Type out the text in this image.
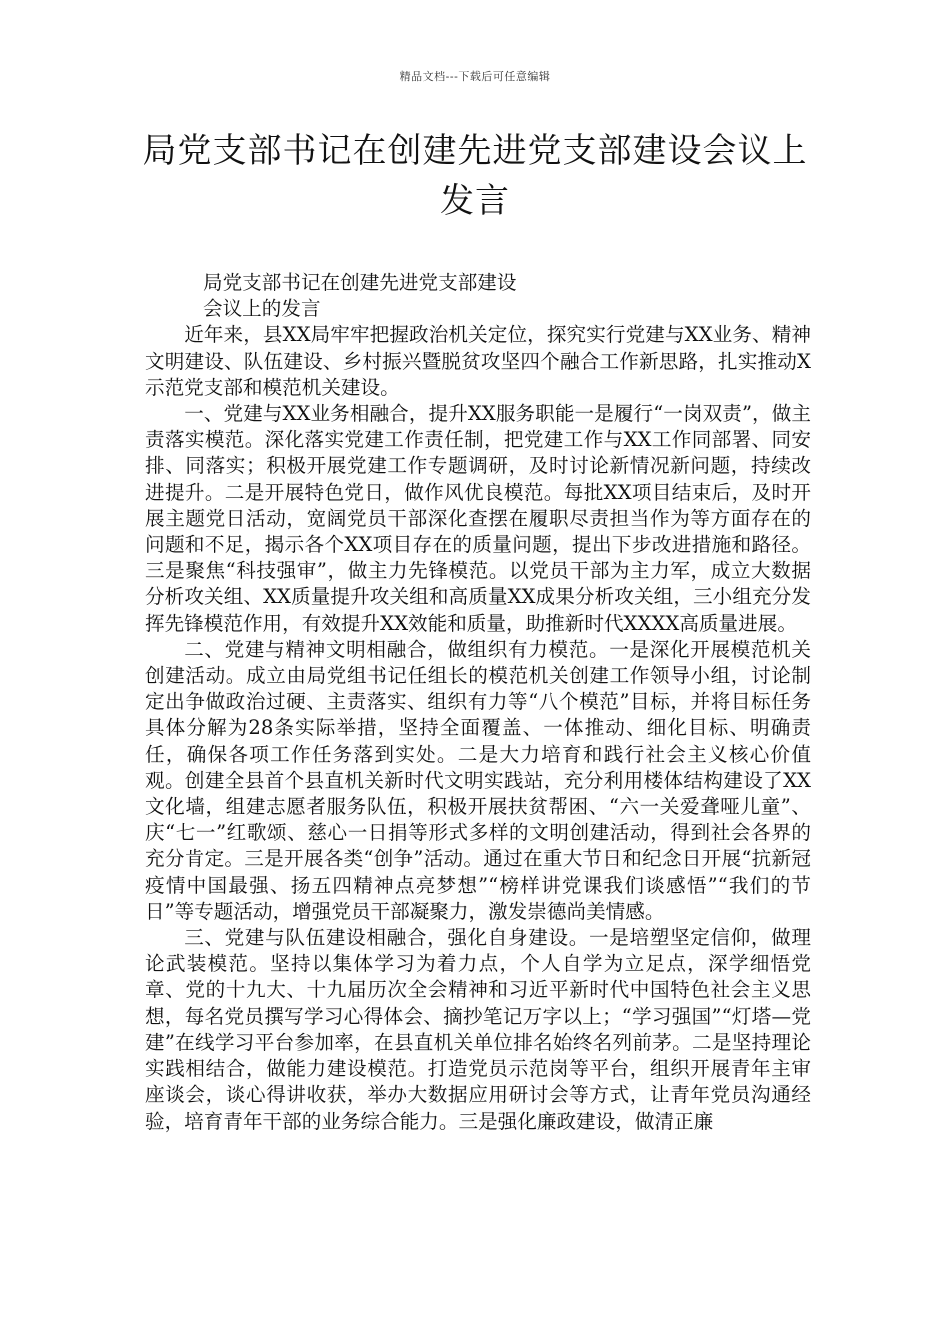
精品文档---下载后可任意编辑
局党支部书记在创建先进党支部建设会议上发言

局党支部书记在创建先进党支部建设

会议上的发言

近年来，县XX局牢牢把握政治机关定位，探究实行党建与XX业务、精神文明建设、队伍建设、乡村振兴暨脱贫攻坚四个融合工作新思路，扎实推动X示范党支部和模范机关建设。

一、党建与XX业务相融合，提升XX服务职能一是履行“一岗双责”，做主责落实模范。深化落实党建工作责任制，把党建工作与XX工作同部署、同安排、同落实；积极开展党建工作专题调研，及时讨论新情况新问题，持续改进提升。二是开展特色党日，做作风优良模范。每批XX项目结束后，及时开展主题党日活动，宽阔党员干部深化查摆在履职尽责担当作为等方面存在的问题和不足，揭示各个XX项目存在的质量问题，提出下步改进措施和路径。三是聚焦“科技强审”，做主力先锋模范。以党员干部为主力军，成立大数据分析攻关组、XX质量提升攻关组和高质量XX成果分析攻关组，三小组充分发挥先锋模范作用，有效提升XX效能和质量，助推新时代XXXX高质量进展。

二、党建与精神文明相融合，做组织有力模范。一是深化开展模范机关创建活动。成立由局党组书记任组长的模范机关创建工作领导小组，讨论制定出争做政治过硬、主责落实、组织有力等“八个模范”目标，并将目标任务具体分解为28条实际举措，坚持全面覆盖、一体推动、细化目标、明确责任，确保各项工作任务落到实处。二是大力培育和践行社会主义核心价值观。创建全县首个县直机关新时代文明实践站，充分利用楼体结构建设了XX文化墙，组建志愿者服务队伍，积极开展扶贫帮困、“六一关爱聋哑儿童”、庆“七一”红歌颂、慈心一日捐等形式多样的文明创建活动，得到社会各界的充分肯定。三是开展各类“创争”活动。通过在重大节日和纪念日开展“抗新冠疫情中国最强、扬五四精神点亮梦想”“榜样讲党课我们谈感悟”“我们的节日”等专题活动，增强党员干部凝聚力，激发崇德尚美情感。

三、党建与队伍建设相融合，强化自身建设。一是培塑坚定信仰，做理论武装模范。坚持以集体学习为着力点，个人自学为立足点，深学细悟党章、党的十九大、十九届历次全会精神和习近平新时代中国特色社会主义思想，每名党员撰写学习心得体会、摘抄笔记万字以上；“学习强国”“灯塔—党建”在线学习平台参加率，在县直机关单位排名始终名列前茅。二是坚持理论实践相结合，做能力建设模范。打造党员示范岗等平台，组织开展青年主审座谈会，谈心得讲收获，举办大数据应用研讨会等方式，让青年党员沟通经验，培育青年干部的业务综合能力。三是强化廉政建设，做清正廉
